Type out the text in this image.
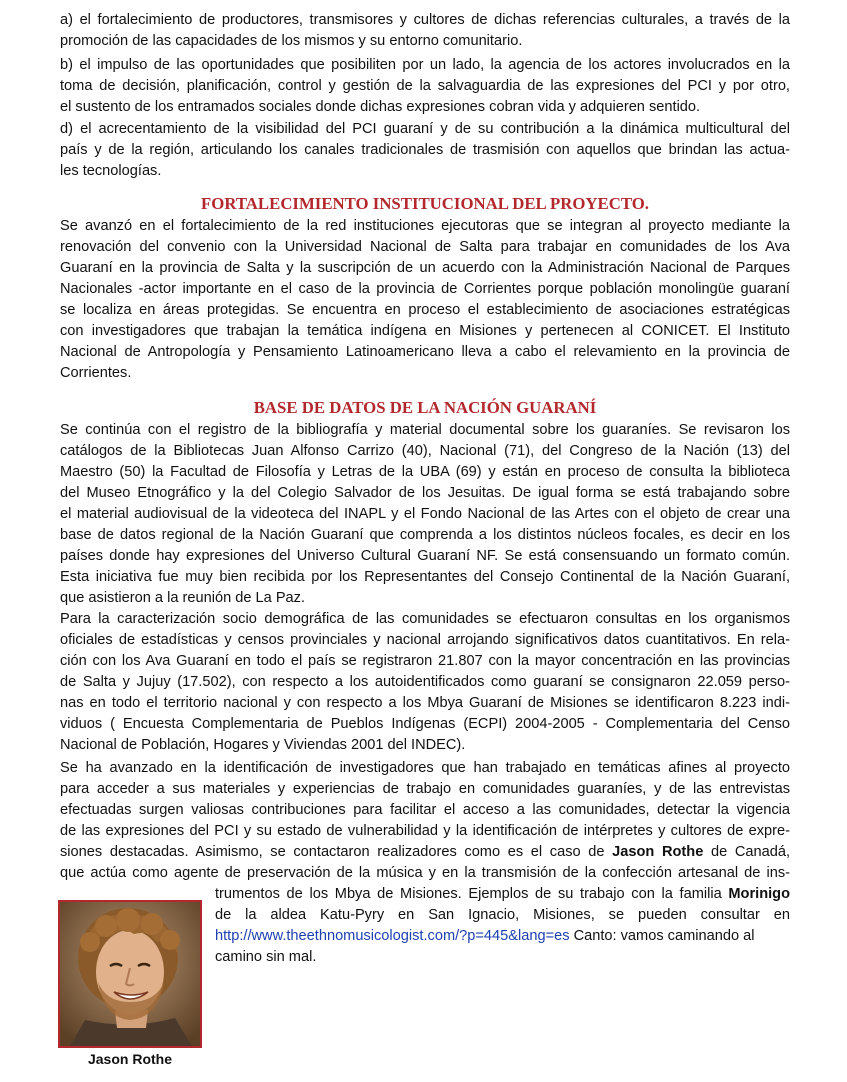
a) el fortalecimiento de productores, transmisores y cultores de dichas referencias culturales, a través de la
promoción de las capacidades de los mismos y su entorno comunitario.
b) el impulso de las oportunidades que posibiliten por un lado, la agencia de los actores involucrados en la
toma de decisión, planificación, control y gestión de la salvaguardia de las expresiones del PCI y por otro,
el sustento de los entramados sociales donde dichas expresiones cobran vida y adquieren sentido.
d) el acrecentamiento de la visibilidad del PCI guaraní y de su contribución a la dinámica multicultural del
país y de la región, articulando los canales tradicionales de trasmisión con aquellos que brindan las actua-
les tecnologías.
FORTALECIMIENTO INSTITUCIONAL DEL PROYECTO.
Se avanzó en el fortalecimiento de la red instituciones ejecutoras que se integran al proyecto mediante la
renovación del convenio con la Universidad Nacional de Salta para trabajar en comunidades de los Ava
Guaraní en la provincia de Salta y la suscripción de un acuerdo con la Administración Nacional de Parques
Nacionales -actor importante en el caso de la provincia de Corrientes porque población monolingüe guaraní
se localiza en áreas protegidas. Se encuentra en proceso el establecimiento de asociaciones estratégicas
con investigadores que trabajan la temática indígena en Misiones y pertenecen al CONICET. El Instituto
Nacional de Antropología y Pensamiento Latinoamericano lleva a cabo el relevamiento en la provincia de
Corrientes.
BASE DE DATOS DE LA NACIÓN GUARANÍ
Se continúa con el registro de la bibliografía y material documental sobre los guaraníes. Se revisaron los
catálogos de la Bibliotecas Juan Alfonso Carrizo (40), Nacional (71), del Congreso de la Nación (13) del
Maestro (50) la Facultad de Filosofía y Letras de la UBA (69) y están en proceso de consulta la biblioteca
del Museo Etnográfico y la del Colegio Salvador de los Jesuitas. De igual forma se está trabajando sobre
el material audiovisual de la videoteca del INAPL y el Fondo Nacional de las Artes con el objeto de crear una
base de datos regional de la Nación Guaraní que comprenda a los distintos núcleos focales, es decir en los
países donde hay expresiones del Universo Cultural Guaraní NF. Se está consensuando un formato común.
Esta iniciativa fue muy bien recibida por los Representantes del Consejo Continental de la Nación Guaraní,
que asistieron a la reunión de La Paz.
Para la caracterización socio demográfica de las comunidades se efectuaron consultas en los organismos
oficiales de estadísticas y censos provinciales y nacional arrojando significativos datos cuantitativos. En rela-
ción con los Ava Guaraní en todo el país se registraron 21.807 con la mayor concentración en las provincias
de Salta y Jujuy (17.502), con respecto a los autoidentificados como guaraní se consignaron 22.059 perso-
nas en todo el territorio nacional y con respecto a los Mbya Guaraní de Misiones se identificaron 8.223 indi-
viduos ( Encuesta Complementaria de Pueblos Indígenas (ECPI) 2004-2005 - Complementaria del Censo
Nacional de Población, Hogares y Viviendas 2001 del INDEC).
Se ha avanzado en la identificación de investigadores que han trabajado en temáticas afines al proyecto
para acceder a sus materiales y experiencias de trabajo en comunidades guaraníes, y de las entrevistas
efectuadas surgen valiosas contribuciones para facilitar el acceso a las comunidades, detectar la vigencia
de las expresiones del PCI y su estado de vulnerabilidad y la identificación de intérpretes y cultores de expre-
siones destacadas. Asimismo, se contactaron realizadores como es el caso de Jason Rothe de Canadá,
que actúa como agente de preservación de la música y en la transmisión de la confección artesanal de ins-
trumentos de los Mbya de Misiones. Ejemplos de su trabajo con la familia Morinigo
de la aldea Katu-Pyry en San Ignacio, Misiones, se pueden consultar en
http://www.theethnomusicologist.com/?p=445&lang=es Canto: vamos caminando al
camino sin mal.
Jason Rothe
